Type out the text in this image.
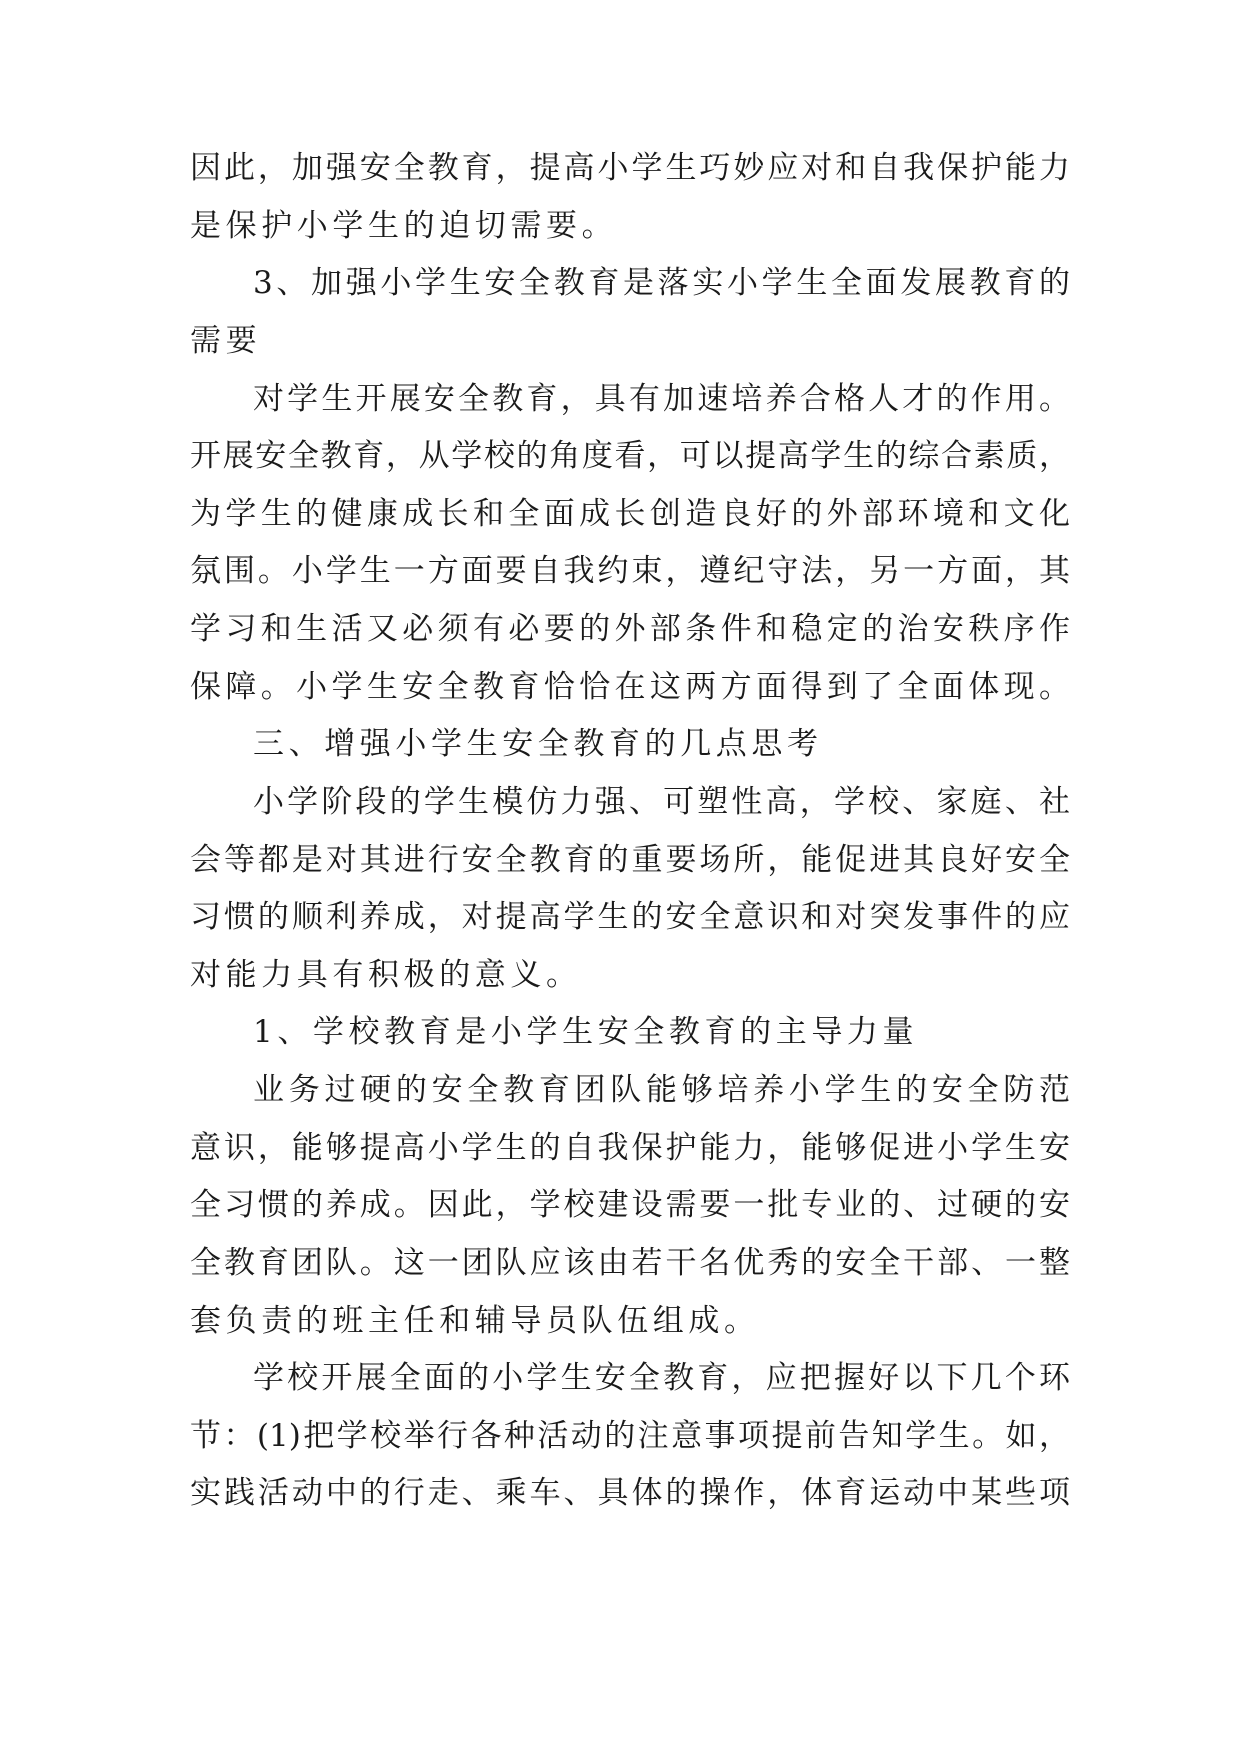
因此，加强安全教育，提高小学生巧妙应对和自我保护能力
是保护小学生的迫切需要。
3、加强小学生安全教育是落实小学生全面发展教育的
需要
对学生开展安全教育，具有加速培养合格人才的作用。
开展安全教育，从学校的角度看，可以提高学生的综合素质，
为学生的健康成长和全面成长创造良好的外部环境和文化
氛围。小学生一方面要自我约束，遵纪守法，另一方面，其
学习和生活又必须有必要的外部条件和稳定的治安秩序作
保障。小学生安全教育恰恰在这两方面得到了全面体现。
三、增强小学生安全教育的几点思考
小学阶段的学生模仿力强、可塑性高，学校、家庭、社
会等都是对其进行安全教育的重要场所，能促进其良好安全
习惯的顺利养成，对提高学生的安全意识和对突发事件的应
对能力具有积极的意义。
1、学校教育是小学生安全教育的主导力量
业务过硬的安全教育团队能够培养小学生的安全防范
意识，能够提高小学生的自我保护能力，能够促进小学生安
全习惯的养成。因此，学校建设需要一批专业的、过硬的安
全教育团队。这一团队应该由若干名优秀的安全干部、一整
套负责的班主任和辅导员队伍组成。
学校开展全面的小学生安全教育，应把握好以下几个环
节：(1)把学校举行各种活动的注意事项提前告知学生。如，
实践活动中的行走、乘车、具体的操作，体育运动中某些项
